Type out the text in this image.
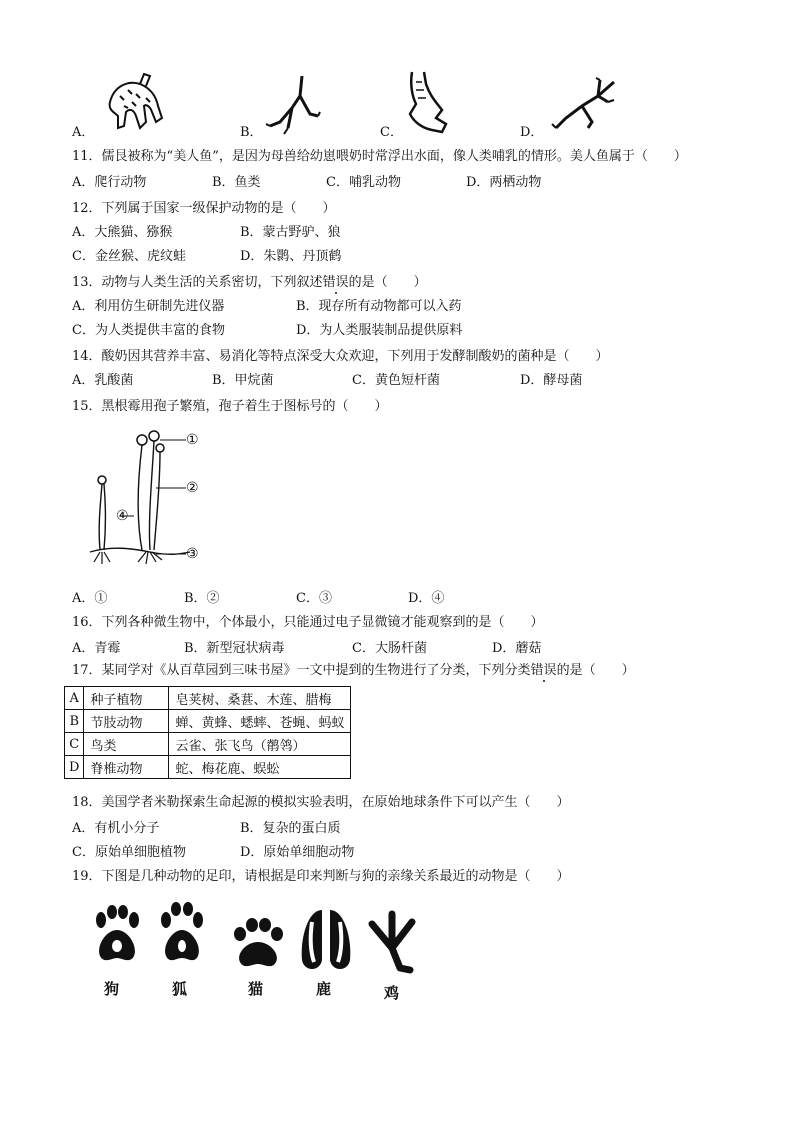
A．	B．	C．	D．
11．儒艮被称为“美人鱼”，是因为母兽给幼崽喂奶时常浮出水面，像人类哺乳的情形。美人鱼属于（　　）
A．爬行动物	B．鱼类	C．哺乳动物	D．两栖动物
12．下列属于国家一级保护动物的是（　　）
A．大熊猫、猕猴	B．蒙古野驴、狼
C．金丝猴、虎纹蛙	D．朱鹮、丹顶鹤
13．动物与人类生活的关系密切，下列叙述错误的是（　　）
A．利用仿生研制先进仪器	B．现存所有动物都可以入药
C．为人类提供丰富的食物	D．为人类服装制品提供原料
14．酸奶因其营养丰富、易消化等特点深受大众欢迎，下列用于发酵制酸奶的菌种是（　　）
A．乳酸菌	B．甲烷菌	C．黄色短杆菌	D．酵母菌
15．黑根霉用孢子繁殖，孢子着生于图标号的（　　）
①
②
③
④
A．①	B．②	C．③	D．④
16．下列各种微生物中，个体最小，只能通过电子显微镜才能观察到的是（　　）
A．青霉	B．新型冠状病毒	C．大肠杆菌	D．蘑菇
17．某同学对《从百草园到三味书屋》一文中提到的生物进行了分类，下列分类错误的是（　　）
A	种子植物	皂荚树、桑葚、木莲、腊梅
B	节肢动物	蝉、黄蜂、蟋蟀、苍蝇、蚂蚁
C	鸟类	云雀、张飞鸟（鹡鸰）
D	脊椎动物	蛇、梅花鹿、蜈蚣
18．美国学者米勒探索生命起源的模拟实验表明，在原始地球条件下可以产生（　　）
A．有机小分子	B．复杂的蛋白质
C．原始单细胞植物	D．原始单细胞动物
19．下图是几种动物的足印，请根据是印来判断与狗的亲缘关系最近的动物是（　　）
狗	狐	猫	鹿	鸡
